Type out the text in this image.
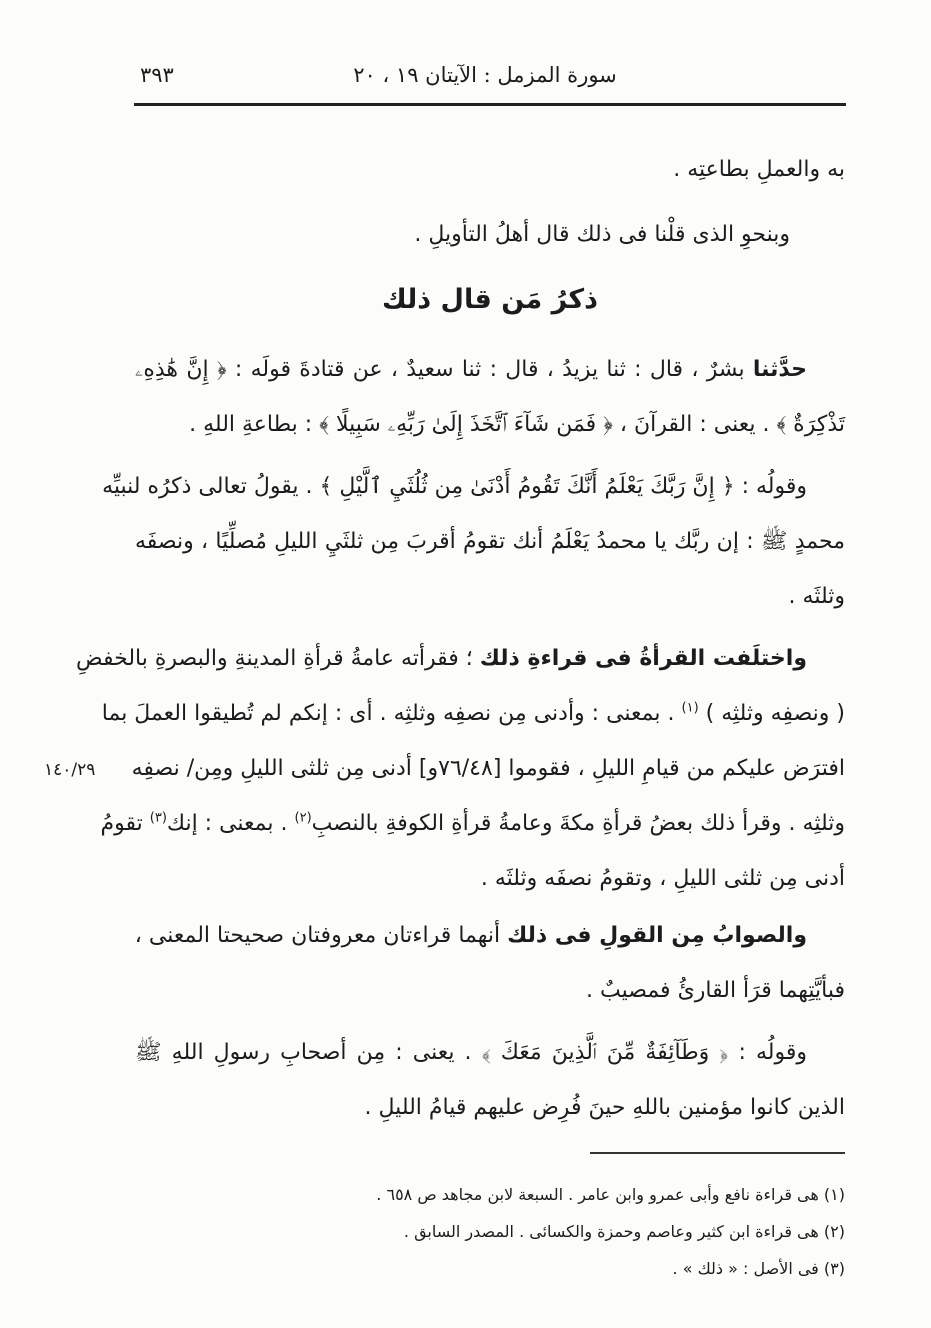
٣٩٣	سورة المزمل : الآيتان ١٩ ، ٢٠
١٤٠/٢٩
به والعملِ بطاعتِه .
وبنحوِ الذى قلْنا فى ذلك قال أهلُ التأويلِ .
ذكرُ مَن قال ذلك
حدَّثنا بشرٌ ، قال : ثنا يزيدُ ، قال : ثنا سعيدٌ ، عن قتادةَ قولَه : ﴿ إِنَّ هَٰذِهِۦ
تَذْكِرَةٌ ﴾ . يعنى : القرآنَ ، ﴿ فَمَن شَآءَ ٱتَّخَذَ إِلَىٰ رَبِّهِۦ سَبِيلًا ﴾ : بطاعةِ اللهِ .
وقولُه : ﴿ إِنَّ رَبَّكَ يَعْلَمُ أَنَّكَ تَقُومُ أَدْنَىٰ مِن ثُلُثَيِ ٱلَّيْلِ ﴾ . يقولُ تعالى ذكرُه لنبيِّه
محمدٍ ﷺ : إن ربَّك يا محمدُ يَعْلَمُ أنك تقومُ أقربَ مِن ثلثَيِ الليلِ مُصلِّيًا ، ونصفَه
وثلثَه .
واختلَفت القرأةُ فى قراءةِ ذلك ؛ فقرأته عامةُ قرأةِ المدينةِ والبصرةِ بالخفضِ
( ونصفِه وثلثِه ) $^{(١)}$ . بمعنى : وأدنى مِن نصفِه وثلثِه . أى : إنكم لم تُطيقوا العملَ بما
افترَض عليكم من قيامِ الليلِ ، فقوموا [٧٦/٤٨و] أدنى مِن ثلثى الليلِ ومِن/ نصفِه
وثلثِه . وقرأ ذلك بعضُ قرأةِ مكةَ وعامةُ قرأةِ الكوفةِ بالنصبِ$^{(٢)}$ . بمعنى : إنك$^{(٣)}$ تقومُ
أدنى مِن ثلثى الليلِ ، وتقومُ نصفَه وثلثَه .
والصوابُ مِن القولِ فى ذلك أنهما قراءتان معروفتان صحيحتا المعنى ،
فبأيَّتِهما قرَأ القارئُ فمصيبٌ .
وقولُه : ﴿ وَطَآئِفَةٌ مِّنَ ٱلَّذِينَ مَعَكَ ﴾ . يعنى : مِن أصحابِ رسولِ اللهِ ﷺ
الذين كانوا مؤمنين باللهِ حينَ فُرِض عليهم قيامُ الليلِ .
(١) هى قراءة نافع وأبى عمرو وابن عامر . السبعة لابن مجاهد ص ٦٥٨ .
(٢) هى قراءة ابن كثير وعاصم وحمزة والكسائى . المصدر السابق .
(٣) فى الأصل : « ذلك » .
